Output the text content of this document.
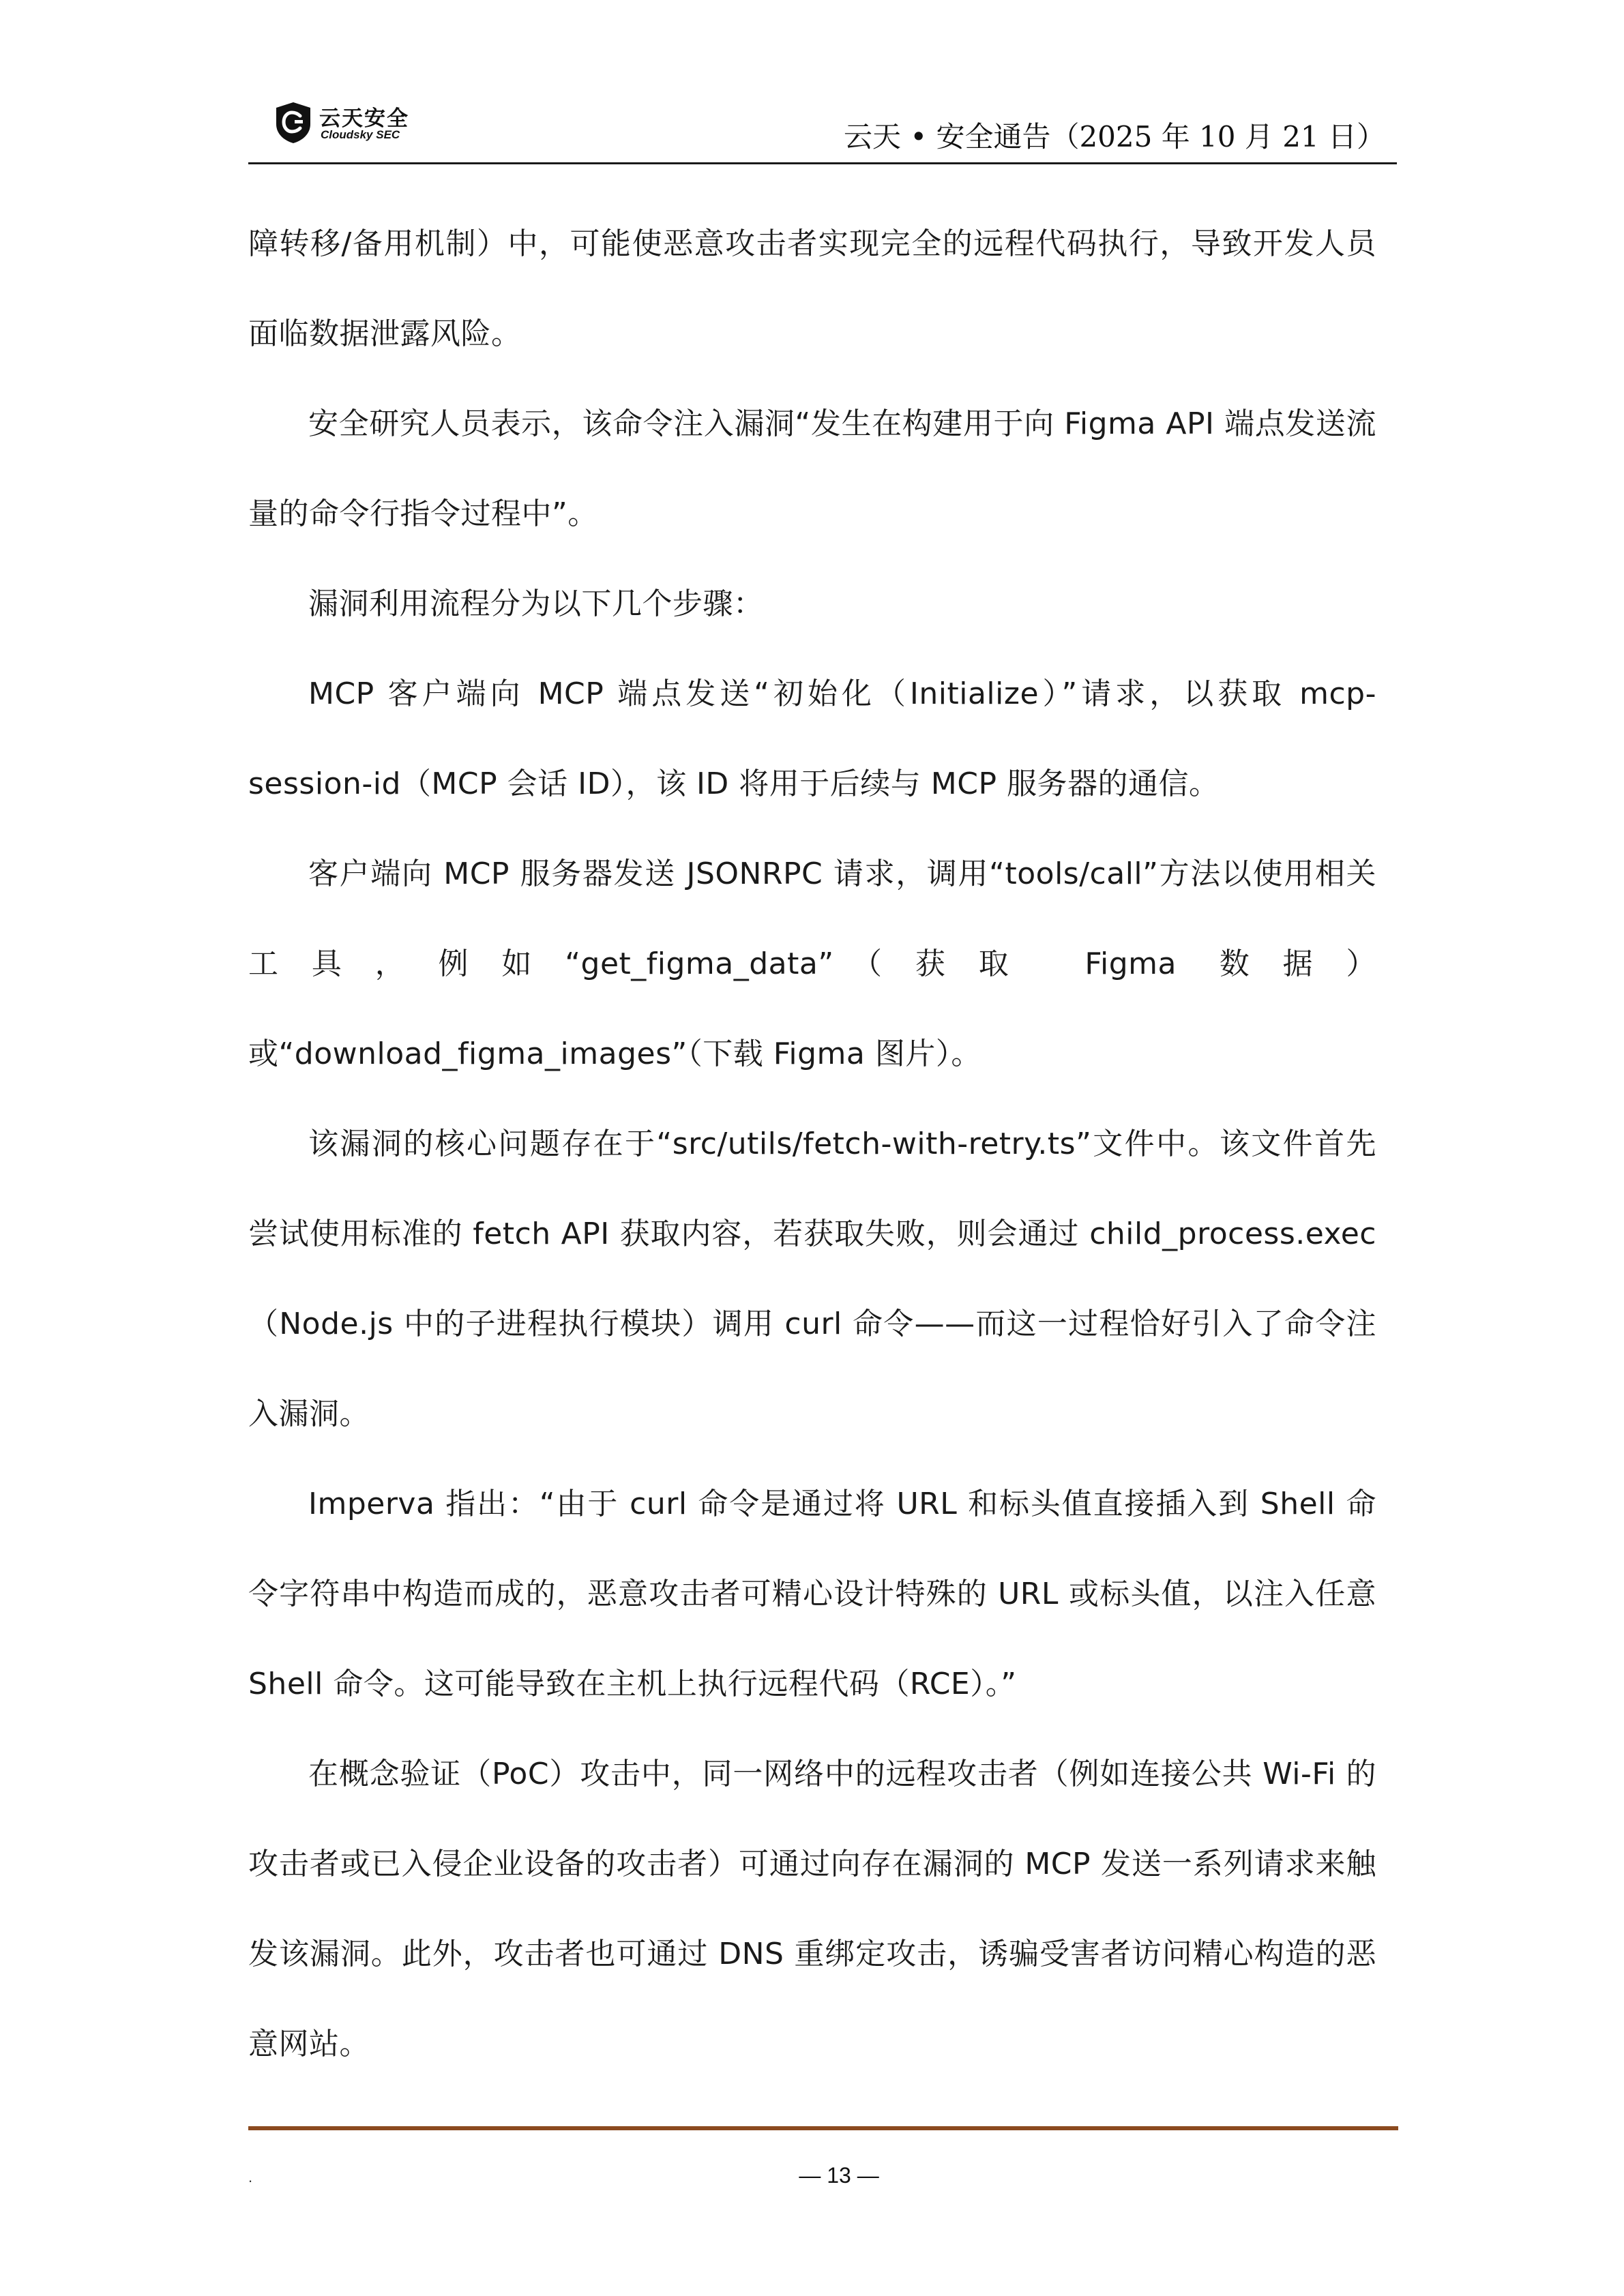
云天安全
Cloudsky SEC	云天 • 安全通告（2025 年 10 月 21 日）

障转移/备用机制）中，可能使恶意攻击者实现完全的远程代码执行，导致开发人员面临数据泄露风险。

安全研究人员表示，该命令注入漏洞“发生在构建用于向 Figma API 端点发送流量的命令行指令过程中”。

漏洞利用流程分为以下几个步骤：

MCP 客户端向 MCP 端点发送“初始化（Initialize）”请求，以获取 mcp-session-id（MCP 会话 ID），该 ID 将用于后续与 MCP 服务器的通信。

客户端向 MCP 服务器发送 JSONRPC 请求，调用“tools/call”方法以使用相关工具，例如“get_figma_data”（获取 Figma 数据）或“download_figma_images”（下载 Figma 图片）。

该漏洞的核心问题存在于“src/utils/fetch-with-retry.ts”文件中。该文件首先尝试使用标准的 fetch API 获取内容，若获取失败，则会通过 child_process.exec（Node.js 中的子进程执行模块）调用 curl 命令——而这一过程恰好引入了命令注入漏洞。

Imperva 指出：“由于 curl 命令是通过将 URL 和标头值直接插入到 Shell 命令字符串中构造而成的，恶意攻击者可精心设计特殊的 URL 或标头值，以注入任意 Shell 命令。这可能导致在主机上执行远程代码（RCE）。”

在概念验证（PoC）攻击中，同一网络中的远程攻击者（例如连接公共 Wi-Fi 的攻击者或已入侵企业设备的攻击者）可通过向存在漏洞的 MCP 发送一系列请求来触发该漏洞。此外，攻击者也可通过 DNS 重绑定攻击，诱骗受害者访问精心构造的恶意网站。

.	— 13 —
